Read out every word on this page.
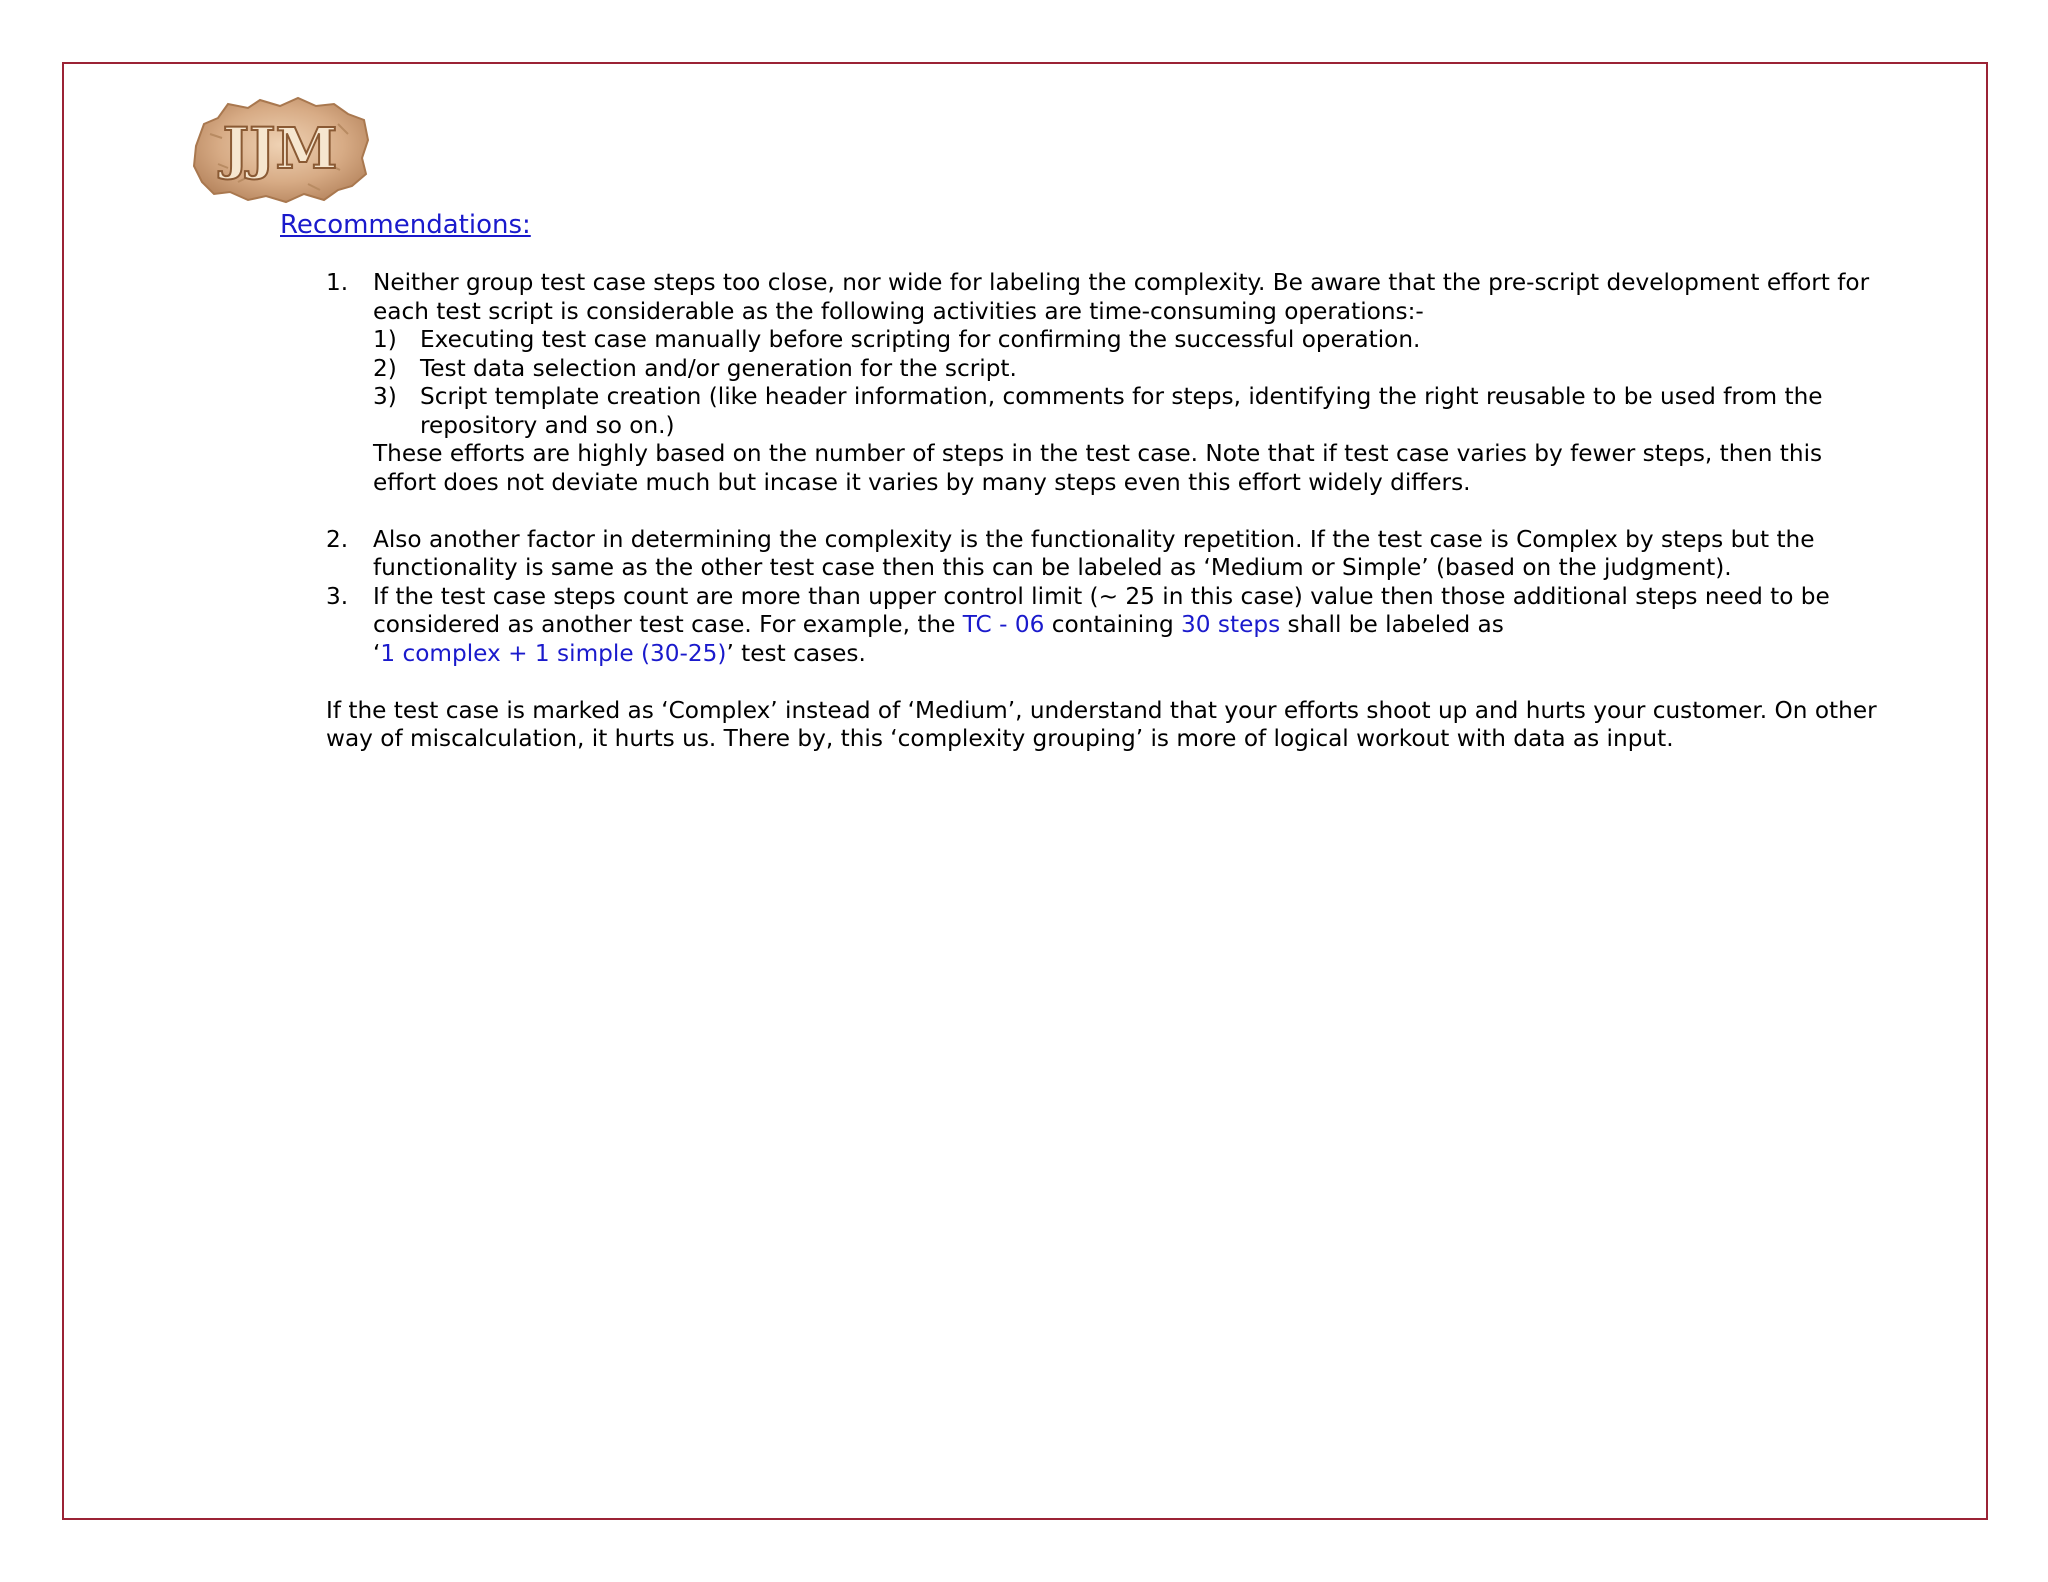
JJM
Recommendations:
1. Neither group test case steps too close, nor wide for labeling the complexity. Be aware that the pre-script development effort for each test script is considerable as the following activities are time-consuming operations:-
1) Executing test case manually before scripting for confirming the successful operation.
2) Test data selection and/or generation for the script.
3) Script template creation (like header information, comments for steps, identifying the right reusable to be used from the repository and so on.)
These efforts are highly based on the number of steps in the test case. Note that if test case varies by fewer steps, then this effort does not deviate much but incase it varies by many steps even this effort widely differs.
2. Also another factor in determining the complexity is the functionality repetition. If the test case is Complex by steps but the functionality is same as the other test case then this can be labeled as ‘Medium or Simple’ (based on the judgment).
3. If the test case steps count are more than upper control limit (~ 25 in this case) value then those additional steps need to be considered as another test case. For example, the TC - 06 containing 30 steps shall be labeled as
‘1 complex + 1 simple (30-25)’ test cases.
If the test case is marked as ‘Complex’ instead of ‘Medium’, understand that your efforts shoot up and hurts your customer. On other way of miscalculation, it hurts us. There by, this ‘complexity grouping’ is more of logical workout with data as input.
